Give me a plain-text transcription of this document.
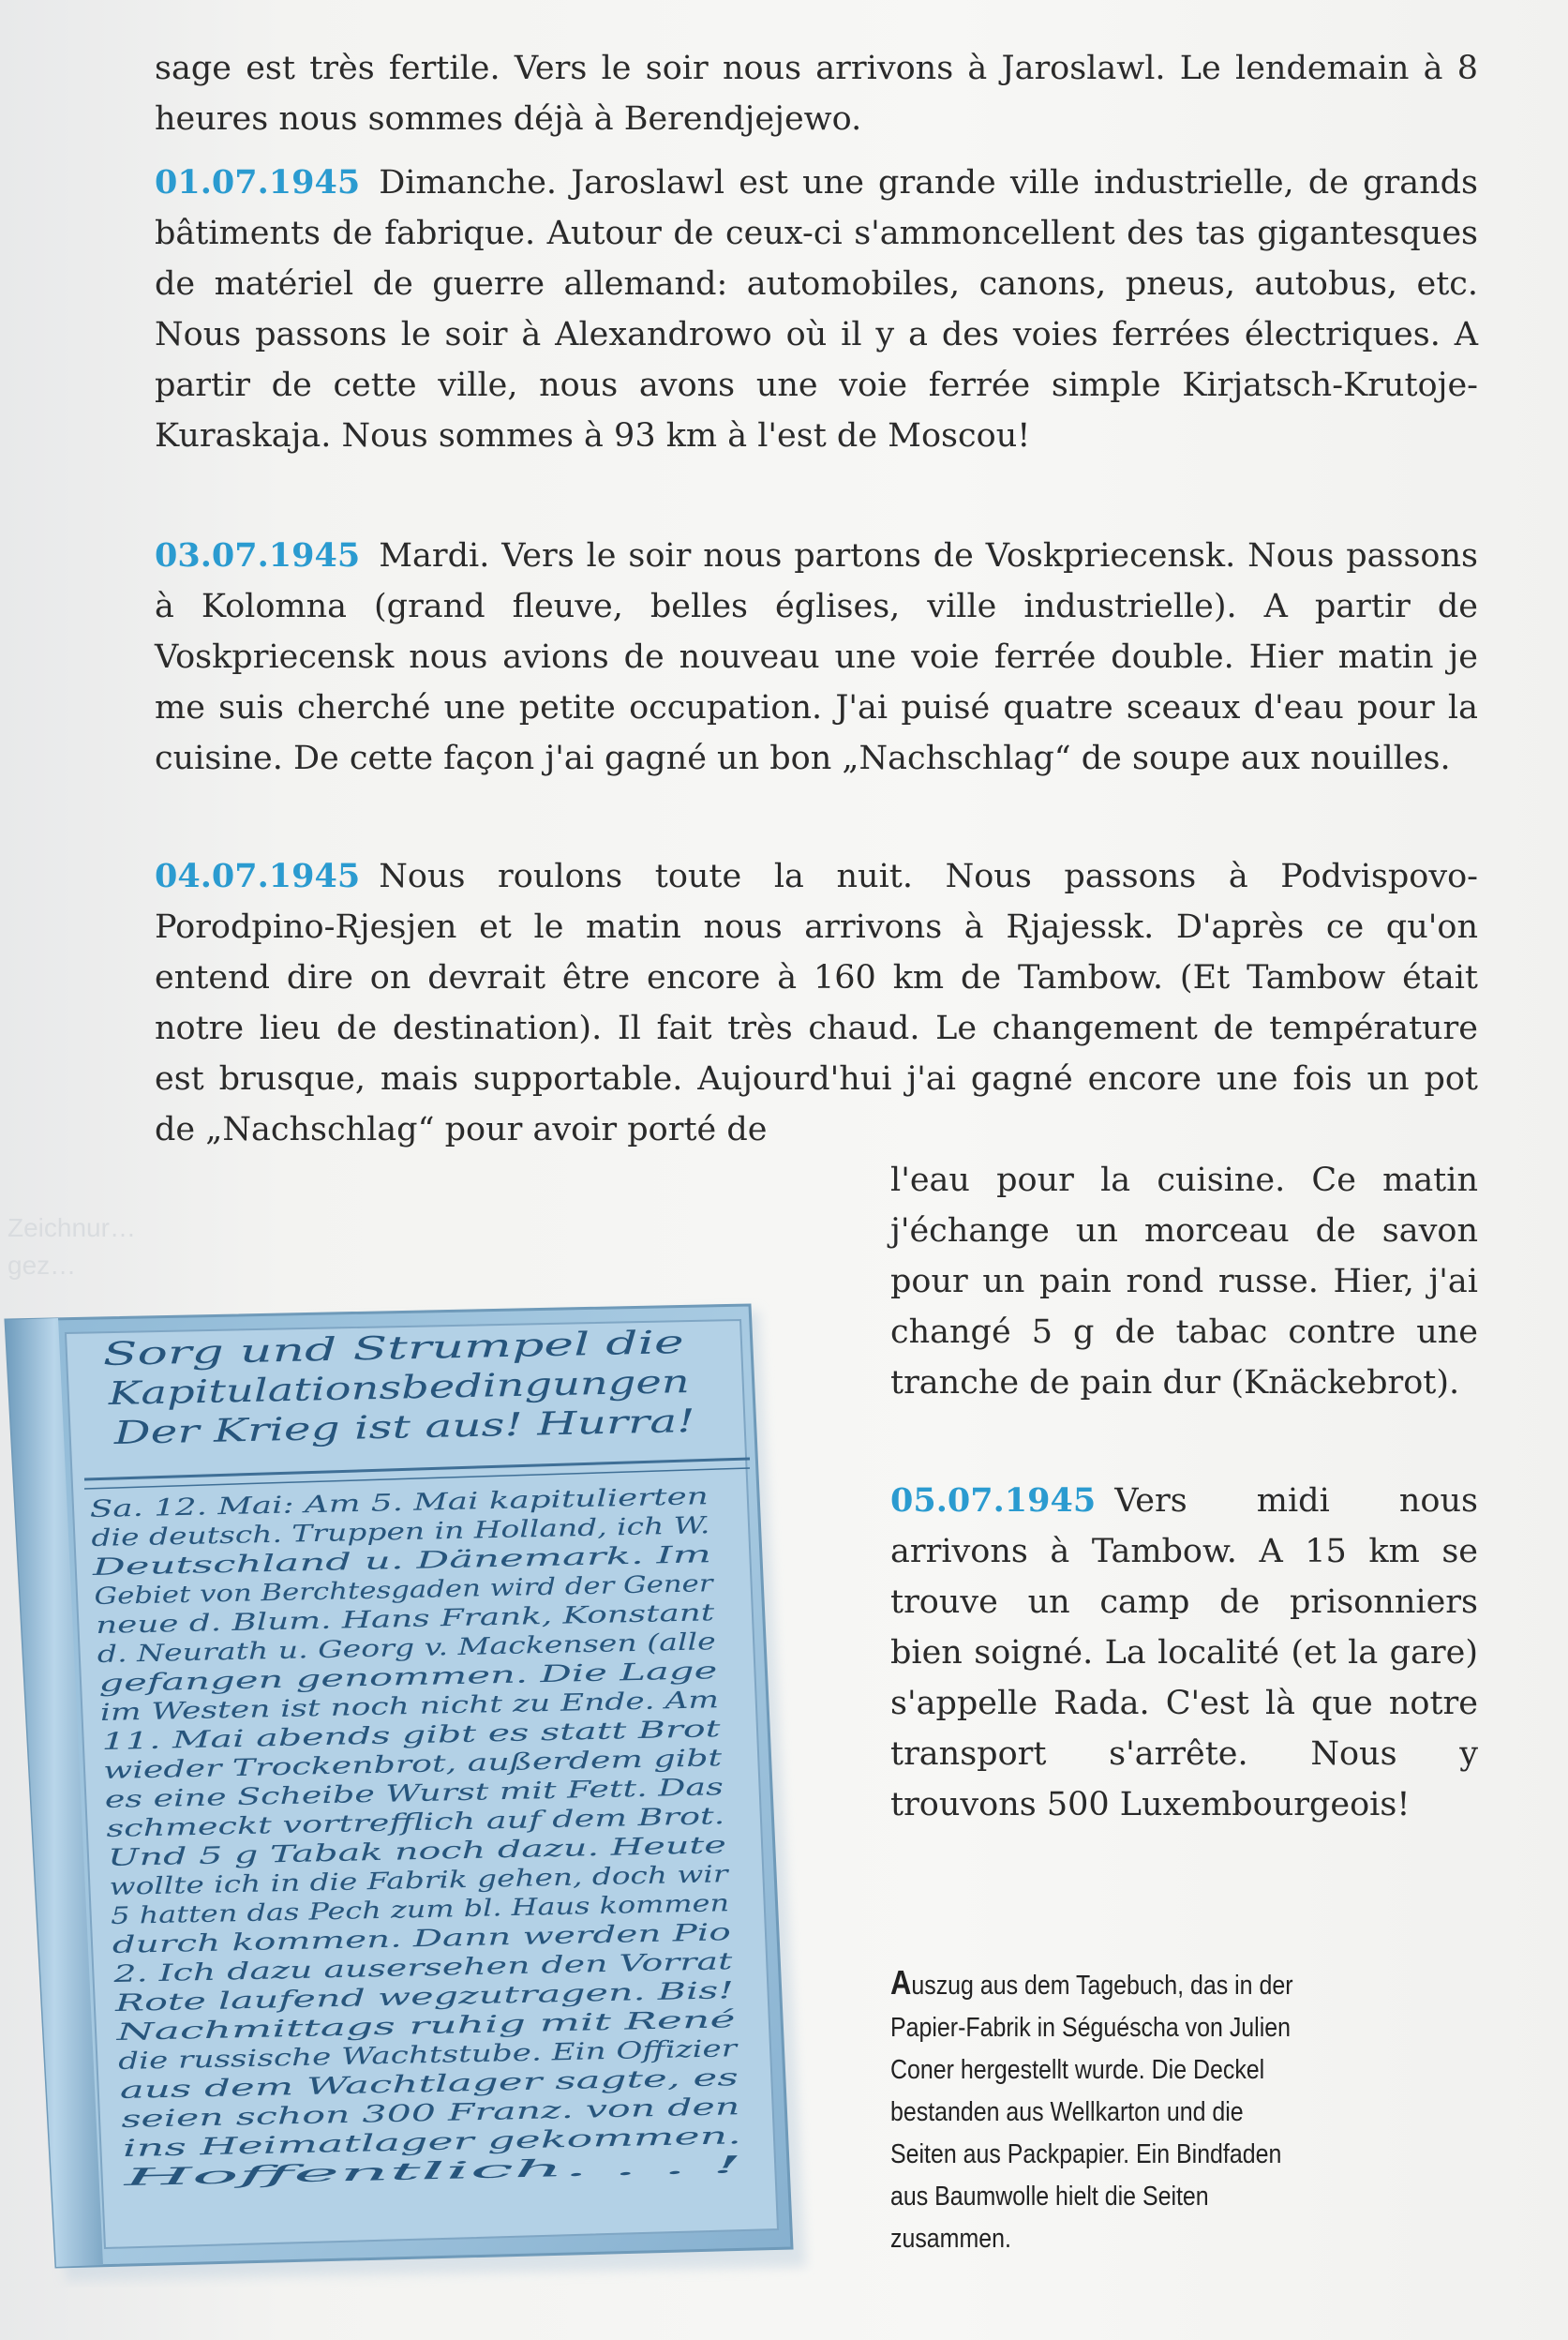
sage est très fertile. Vers le soir nous arrivons à Jaroslawl. Le lendemain à 8 heures nous sommes déjà à Berendjejewo.

01.07.1945 Dimanche. Jaroslawl est une grande ville industrielle, de grands bâtiments de fabrique. Autour de ceux-ci s'ammoncellent des tas gigantesques de matériel de guerre allemand: automobiles, canons, pneus, autobus, etc. Nous passons le soir à Alexandrowo où il y a des voies ferrées électriques. A partir de cette ville, nous avons une voie ferrée simple Kirjatsch-Krutoje-Kuraskaja. Nous sommes à 93 km à l'est de Moscou!

03.07.1945 Mardi. Vers le soir nous partons de Voskpriecensk. Nous passons à Kolomna (grand fleuve, belles églises, ville industrielle). A partir de Voskpriecensk nous avions de nouveau une voie ferrée double. Hier matin je me suis cherché une petite occupation. J'ai puisé quatre sceaux d'eau pour la cuisine. De cette façon j'ai gagné un bon „Nachschlag“ de soupe aux nouilles.

04.07.1945 Nous roulons toute la nuit. Nous passons à Podvispovo-Porodpino-Rjesjen et le matin nous arrivons à Rjajessk. D'après ce qu'on entend dire on devrait être encore à 160 km de Tambow. (Et Tambow était notre lieu de destination). Il fait très chaud. Le changement de température est brusque, mais supportable. Aujourd'hui j'ai gagné encore une fois un pot de „Nachschlag“ pour avoir porté de

l'eau pour la cuisine. Ce matin j'échange un morceau de savon pour un pain rond russe. Hier, j'ai changé 5 g de tabac contre une tranche de pain dur (Knäckebrot).

05.07.1945 Vers midi nous arrivons à Tambow. A 15 km se trouve un camp de prisonniers bien soigné. La localité (et la gare) s'appelle Rada. C'est là que notre transport s'arrête. Nous y trouvons 500 Luxembourgeois!

Zeichnur…
gez…
Auszug aus dem Tagebuch, das in der Papier-Fabrik in Séguéscha von Julien Coner hergestellt wurde. Die Deckel bestanden aus Wellkarton und die Seiten aus Packpapier. Ein Bindfaden aus Baumwolle hielt die Seiten zusammen.
Sorg und Strumpel die
Kapitulationsbedingungen
Der Krieg ist aus! Hurra!
Sa. 12. Mai: Am 5. Mai kapitulierten
die deutsch. Truppen in Holland, ich W.
Deutschland u. Dänemark. Im
Gebiet von Berchtesgaden wird der Gener
neue d. Blum. Hans Frank, Konstant
d. Neurath u. Georg v. Mackensen (alle
gefangen genommen. Die Lage
im Westen ist noch nicht zu Ende. Am
11. Mai abends gibt es statt Brot
wieder Trockenbrot, außerdem gibt
es eine Scheibe Wurst mit Fett. Das
schmeckt vortrefflich auf dem Brot.
Und 5 g Tabak noch dazu. Heute
wollte ich in die Fabrik gehen, doch wir
5 hatten das Pech zum bl. Haus kommen
durch kommen. Dann werden Pio
2. Ich dazu ausersehen den Vorrat
Rote laufend wegzutragen. Bis!
Nachmittags ruhig mit René
die russische Wachtstube. Ein Offizier
aus dem Wachtlager sagte, es
seien schon 300 Franz. von den
ins Heimatlager gekommen.
Hoffentlich. . . !
